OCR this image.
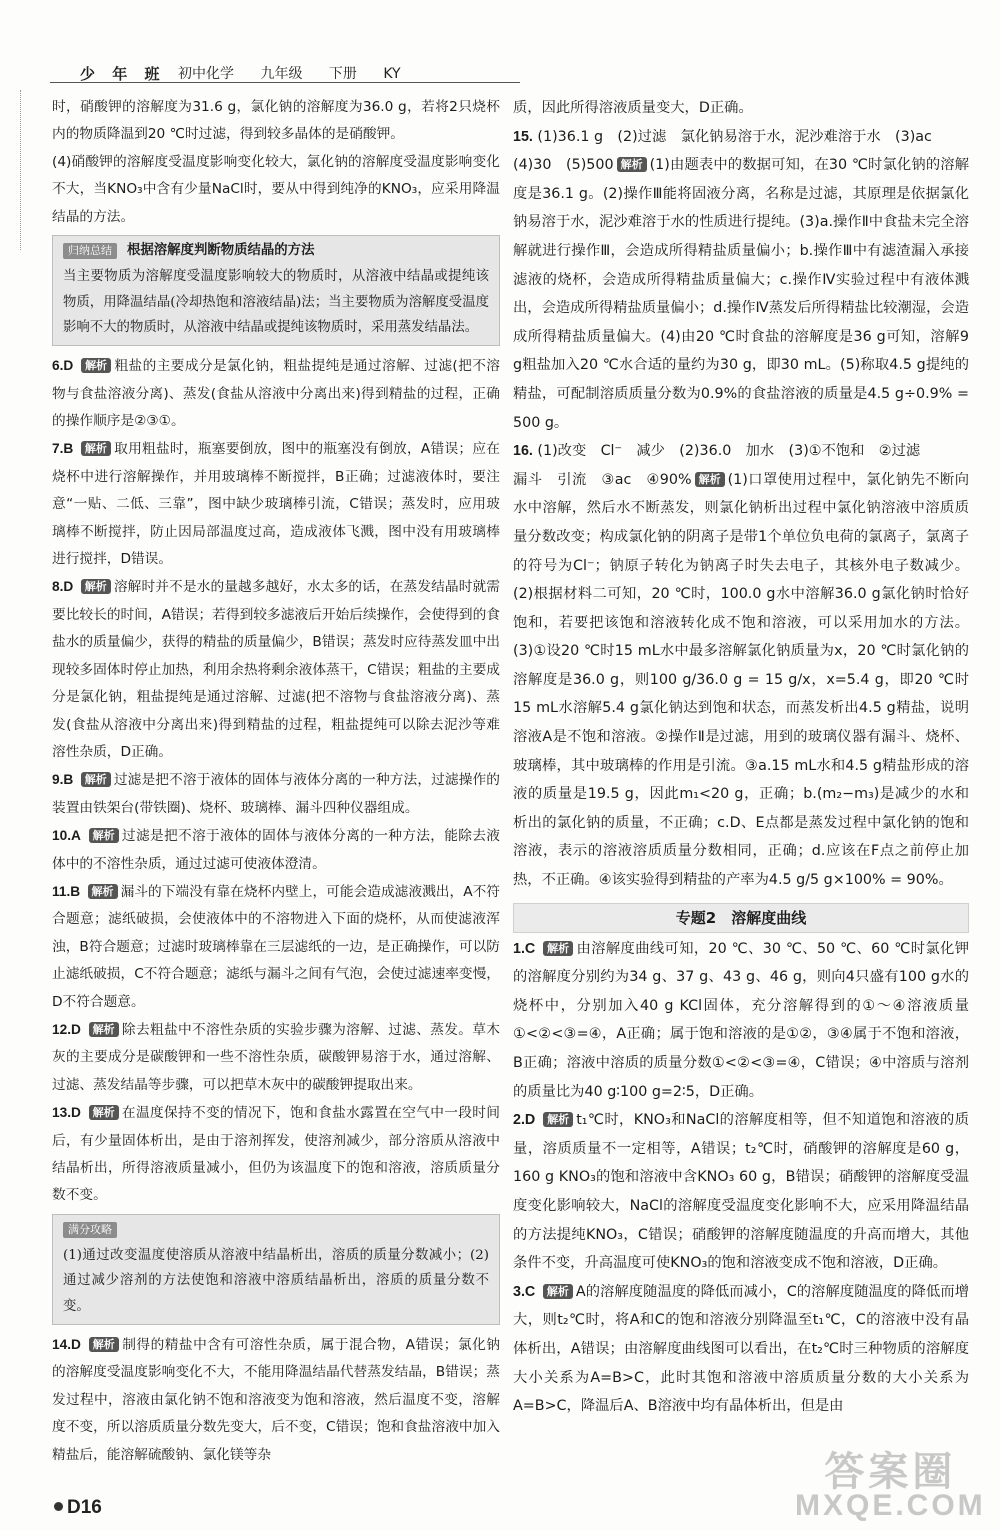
少 年 班 初中化学 九年级 下册 KY

时，硝酸钾的溶解度为31.6 g，氯化钠的溶解度为36.0 g，若将2只烧杯内的物质降温到20 ℃时过滤，得到较多晶体的是硝酸钾。

(4)硝酸钾的溶解度受温度影响变化较大，氯化钠的溶解度受温度影响变化不大，当KNO₃中含有少量NaCl时，要从中得到纯净的KNO₃，应采用降温结晶的方法。

归纳总结 根据溶解度判断物质结晶的方法

当主要物质为溶解度受温度影响较大的物质时，从溶液中结晶或提纯该物质，用降温结晶(冷却热饱和溶液结晶)法；当主要物质为溶解度受温度影响不大的物质时，从溶液中结晶或提纯该物质时，采用蒸发结晶法。

6.D 解析 粗盐的主要成分是氯化钠，粗盐提纯是通过溶解、过滤(把不溶物与食盐溶液分离)、蒸发(食盐从溶液中分离出来)得到精盐的过程，正确的操作顺序是②③①。

7.B 解析 取用粗盐时，瓶塞要倒放，图中的瓶塞没有倒放，A错误；应在烧杯中进行溶解操作，并用玻璃棒不断搅拌，B正确；过滤液体时，要注意“一贴、二低、三靠”，图中缺少玻璃棒引流，C错误；蒸发时，应用玻璃棒不断搅拌，防止因局部温度过高，造成液体飞溅，图中没有用玻璃棒进行搅拌，D错误。

8.D 解析 溶解时并不是水的量越多越好，水太多的话，在蒸发结晶时就需要比较长的时间，A错误；若得到较多滤液后开始后续操作，会使得到的食盐水的质量偏少，获得的精盐的质量偏少，B错误；蒸发时应待蒸发皿中出现较多固体时停止加热，利用余热将剩余液体蒸干，C错误；粗盐的主要成分是氯化钠，粗盐提纯是通过溶解、过滤(把不溶物与食盐溶液分离)、蒸发(食盐从溶液中分离出来)得到精盐的过程，粗盐提纯可以除去泥沙等难溶性杂质，D正确。

9.B 解析 过滤是把不溶于液体的固体与液体分离的一种方法，过滤操作的装置由铁架台(带铁圈)、烧杯、玻璃棒、漏斗四种仪器组成。

10.A 解析 过滤是把不溶于液体的固体与液体分离的一种方法，能除去液体中的不溶性杂质，通过过滤可使液体澄清。

11.B 解析 漏斗的下端没有靠在烧杯内壁上，可能会造成滤液溅出，A不符合题意；滤纸破损，会使液体中的不溶物进入下面的烧杯，从而使滤液浑浊，B符合题意；过滤时玻璃棒靠在三层滤纸的一边，是正确操作，可以防止滤纸破损，C不符合题意；滤纸与漏斗之间有气泡，会使过滤速率变慢，D不符合题意。

12.D 解析 除去粗盐中不溶性杂质的实验步骤为溶解、过滤、蒸发。草木灰的主要成分是碳酸钾和一些不溶性杂质，碳酸钾易溶于水，通过溶解、过滤、蒸发结晶等步骤，可以把草木灰中的碳酸钾提取出来。

13.D 解析 在温度保持不变的情况下，饱和食盐水露置在空气中一段时间后，有少量固体析出，是由于溶剂挥发，使溶剂减少，部分溶质从溶液中结晶析出，所得溶液质量减小，但仍为该温度下的饱和溶液，溶质质量分数不变。

满分攻略

(1)通过改变温度使溶质从溶液中结晶析出，溶质的质量分数减小；(2)通过减少溶剂的方法使饱和溶液中溶质结晶析出，溶质的质量分数不变。

14.D 解析 制得的精盐中含有可溶性杂质，属于混合物，A错误；氯化钠的溶解度受温度影响变化不大，不能用降温结晶代替蒸发结晶，B错误；蒸发过程中，溶液由氯化钠不饱和溶液变为饱和溶液，然后温度不变，溶解度不变，所以溶质质量分数先变大，后不变，C错误；饱和食盐溶液中加入精盐后，能溶解硫酸钠、氯化镁等杂

质，因此所得溶液质量变大，D正确。

15. (1)36.1 g　(2)过滤　氯化钠易溶于水，泥沙难溶于水　(3)ac

(4)30　(5)500 解析 (1)由题表中的数据可知，在30 ℃时氯化钠的溶解度是36.1 g。(2)操作Ⅲ能将固液分离，名称是过滤，其原理是依据氯化钠易溶于水，泥沙难溶于水的性质进行提纯。(3)a.操作Ⅱ中食盐未完全溶解就进行操作Ⅲ，会造成所得精盐质量偏小；b.操作Ⅲ中有滤渣漏入承接滤液的烧杯，会造成所得精盐质量偏大；c.操作Ⅳ实验过程中有液体溅出，会造成所得精盐质量偏小；d.操作Ⅳ蒸发后所得精盐比较潮湿，会造成所得精盐质量偏大。(4)由20 ℃时食盐的溶解度是36 g可知，溶解9 g粗盐加入20 ℃水合适的量约为30 g，即30 mL。(5)称取4.5 g提纯的精盐，可配制溶质质量分数为0.9%的食盐溶液的质量是4.5 g÷0.9% = 500 g。

16. (1)改变　Cl⁻　减少　(2)36.0　加水　(3)①不饱和　②过滤

漏斗　引流　③ac　④90% 解析 (1)口罩使用过程中，氯化钠先不断向水中溶解，然后水不断蒸发，则氯化钠析出过程中氯化钠溶液中溶质质量分数改变；构成氯化钠的阴离子是带1个单位负电荷的氯离子，氯离子的符号为Cl⁻；钠原子转化为钠离子时失去电子，其核外电子数减少。(2)根据材料二可知，20 ℃时，100.0 g水中溶解36.0 g氯化钠时恰好饱和，若要把该饱和溶液转化成不饱和溶液，可以采用加水的方法。(3)①设20 ℃时15 mL水中最多溶解氯化钠质量为x，20 ℃时氯化钠的溶解度是36.0 g，则100 g/36.0 g = 15 g/x，x=5.4 g，即20 ℃时15 mL水溶解5.4 g氯化钠达到饱和状态，而蒸发析出4.5 g精盐，说明溶液A是不饱和溶液。②操作Ⅱ是过滤，用到的玻璃仪器有漏斗、烧杯、玻璃棒，其中玻璃棒的作用是引流。③a.15 mL水和4.5 g精盐形成的溶液的质量是19.5 g，因此m₁<20 g，正确；b.(m₂−m₃)是减少的水和析出的氯化钠的质量，不正确；c.D、E点都是蒸发过程中氯化钠的饱和溶液，表示的溶液溶质质量分数相同，正确；d.应该在F点之前停止加热，不正确。④该实验得到精盐的产率为4.5 g/5 g×100% = 90%。

专题2　溶解度曲线

1.C 解析 由溶解度曲线可知，20 ℃、30 ℃、50 ℃、60 ℃时氯化钾的溶解度分别约为34 g、37 g、43 g、46 g，则向4只盛有100 g水的烧杯中，分别加入40 g KCl固体，充分溶解得到的①～④溶液质量①<②<③=④，A正确；属于饱和溶液的是①②，③④属于不饱和溶液，B正确；溶液中溶质的质量分数①<②<③=④，C错误；④中溶质与溶剂的质量比为40 g∶100 g=2∶5，D正确。

2.D 解析 t₁℃时，KNO₃和NaCl的溶解度相等，但不知道饱和溶液的质量，溶质质量不一定相等，A错误；t₂℃时，硝酸钾的溶解度是60 g，160 g KNO₃的饱和溶液中含KNO₃ 60 g，B错误；硝酸钾的溶解度受温度变化影响较大，NaCl的溶解度受温度变化影响不大，应采用降温结晶的方法提纯KNO₃，C错误；硝酸钾的溶解度随温度的升高而增大，其他条件不变，升高温度可使KNO₃的饱和溶液变成不饱和溶液，D正确。

3.C 解析 A的溶解度随温度的降低而减小，C的溶解度随温度的降低而增大，则t₂℃时，将A和C的饱和溶液分别降温至t₁℃，C的溶液中没有晶体析出，A错误；由溶解度曲线图可以看出，在t₂℃时三种物质的溶解度大小关系为A=B>C，此时其饱和溶液中溶质质量分数的大小关系为A=B>C，降温后A、B溶液中均有晶体析出，但是由

D16
答案圈
MXQE.COM
